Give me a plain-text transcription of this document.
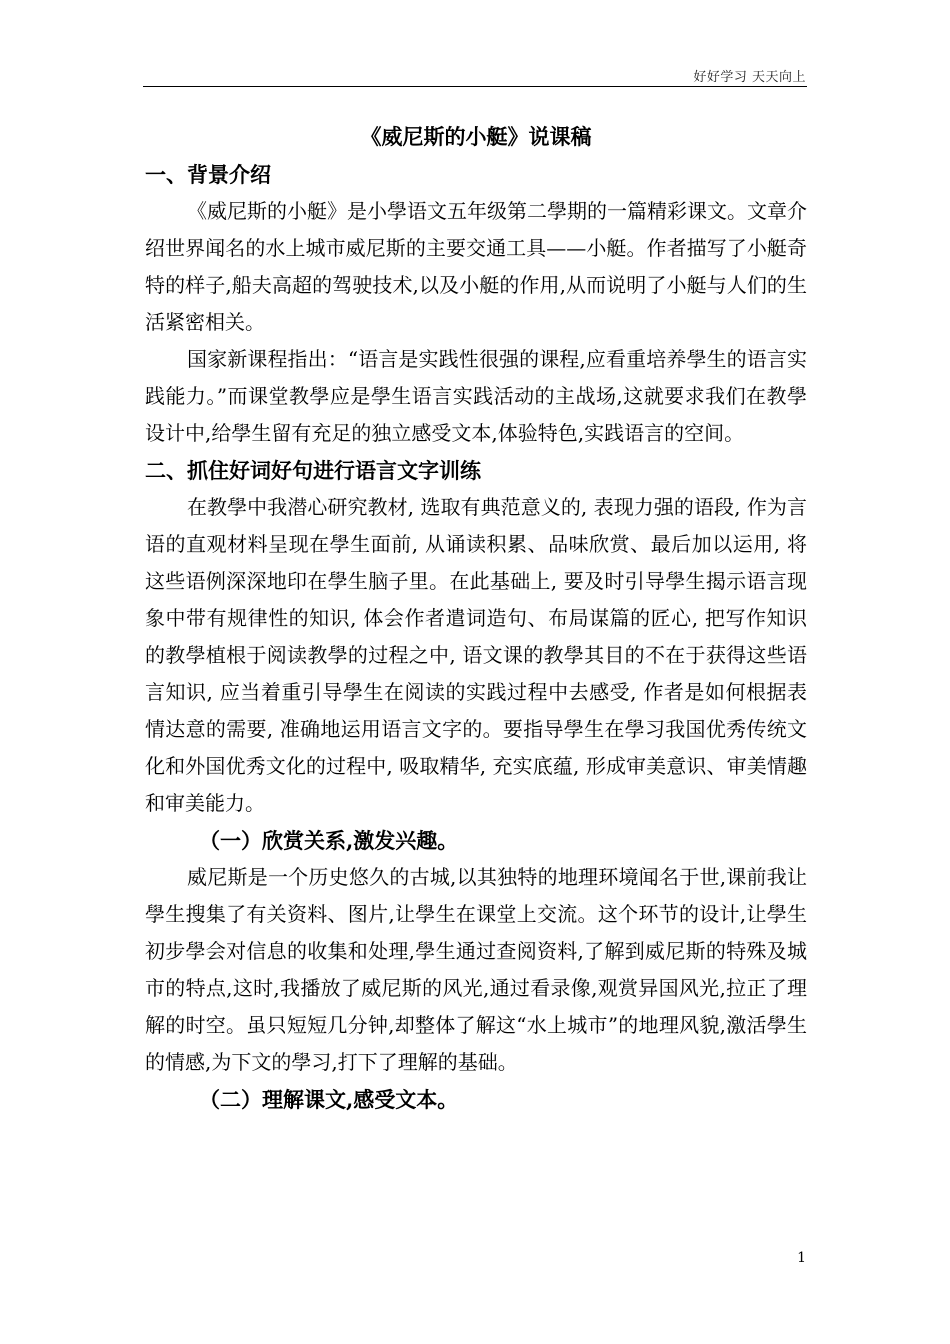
好好学习 天天向上
《威尼斯的小艇》说课稿
一、背景介绍

《威尼斯的小艇》是小學语文五年级第二學期的一篇精彩课文。文章介绍世界闻名的水上城市威尼斯的主要交通工具——小艇。作者描写了小艇奇特的样子,船夫高超的驾驶技术,以及小艇的作用,从而说明了小艇与人们的生活紧密相关。

国家新课程指出：“语言是实践性很强的课程,应看重培养學生的语言实践能力。”而课堂教學应是學生语言实践活动的主战场,这就要求我们在教學设计中,给學生留有充足的独立感受文本,体验特色,实践语言的空间。

二、抓住好词好句进行语言文字训练

在教學中我潜心研究教材, 选取有典范意义的, 表现力强的语段, 作为言语的直观材料呈现在學生面前, 从诵读积累、品味欣赏、最后加以运用, 将这些语例深深地印在學生脑子里。在此基础上, 要及时引导學生揭示语言现象中带有规律性的知识, 体会作者遣词造句、布局谋篇的匠心, 把写作知识的教學植根于阅读教學的过程之中, 语文课的教學其目的不在于获得这些语言知识, 应当着重引导學生在阅读的实践过程中去感受, 作者是如何根据表情达意的需要, 准确地运用语言文字的。要指导學生在學习我国优秀传统文化和外国优秀文化的过程中, 吸取精华, 充实底蕴, 形成审美意识、审美情趣和审美能力。

（一）欣赏关系,激发兴趣。

威尼斯是一个历史悠久的古城,以其独特的地理环境闻名于世,课前我让學生搜集了有关资料、图片,让學生在课堂上交流。这个环节的设计,让學生初步學会对信息的收集和处理,學生通过查阅资料,了解到威尼斯的特殊及城市的特点,这时,我播放了威尼斯的风光,通过看录像,观赏异国风光,拉正了理解的时空。虽只短短几分钟,却整体了解这“水上城市”的地理风貌,激活學生的情感,为下文的學习,打下了理解的基础。

（二）理解课文,感受文本。
1
